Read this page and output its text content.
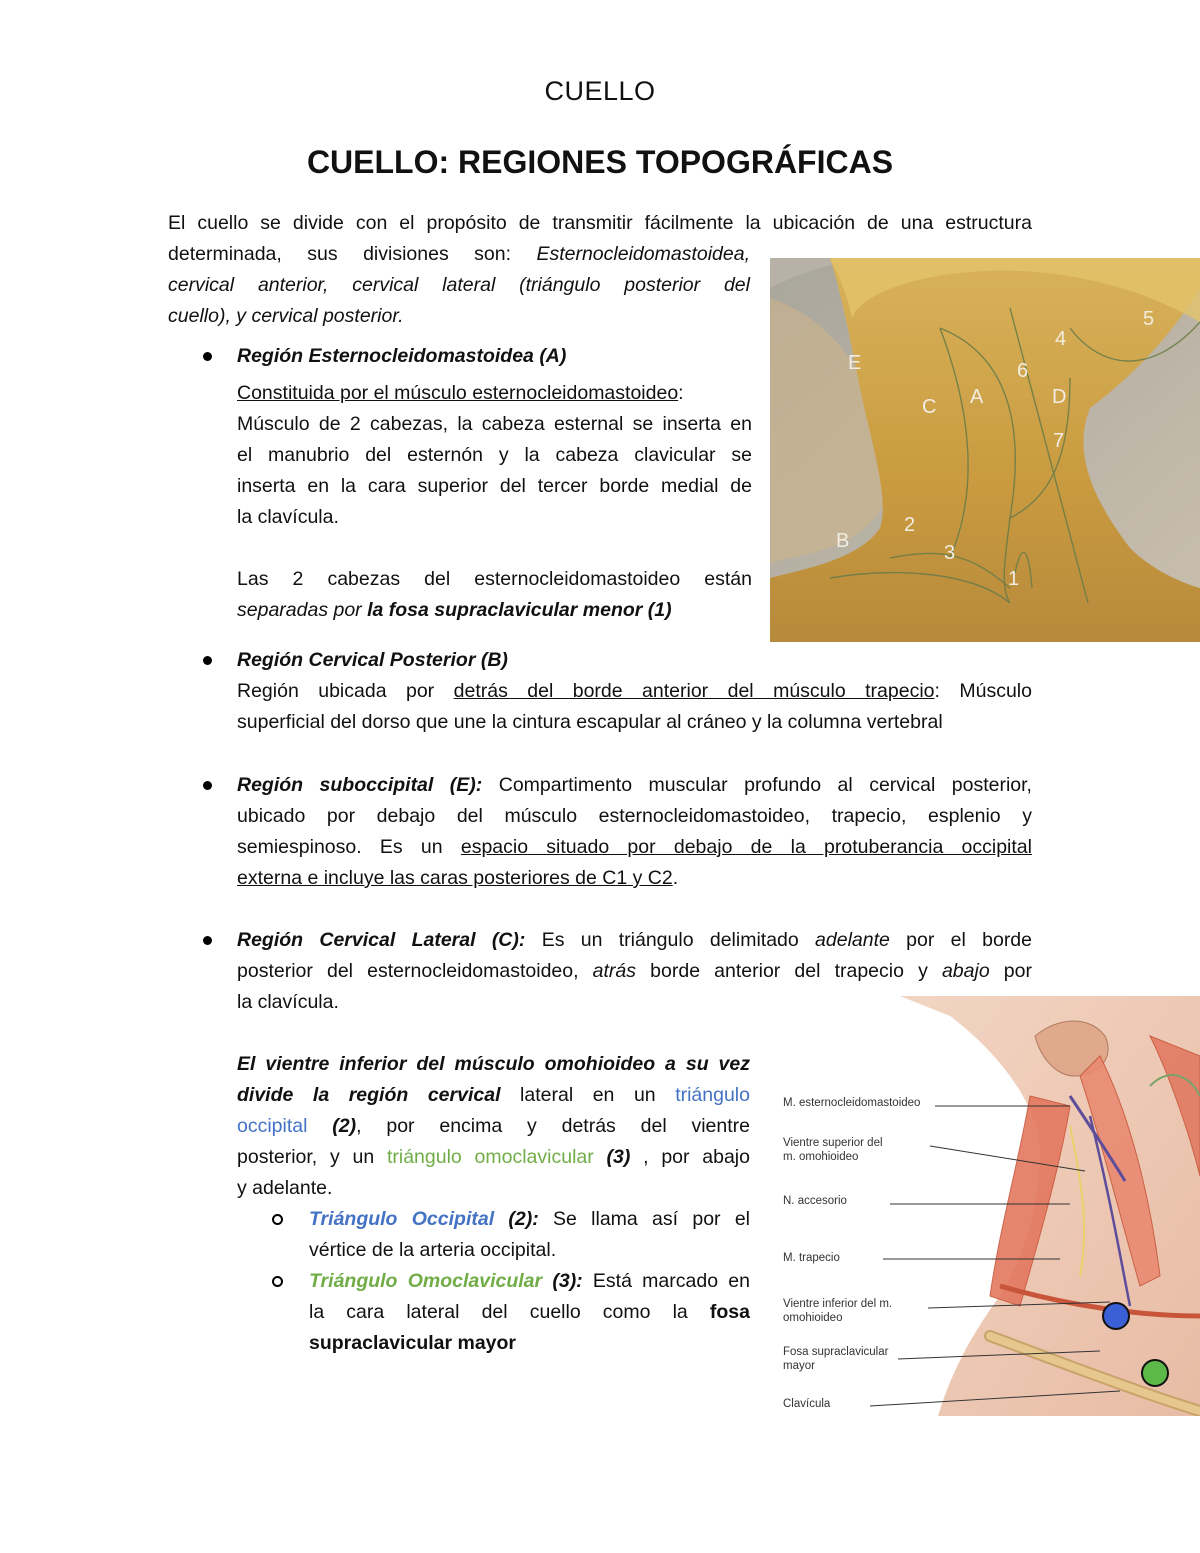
CUELLO
CUELLO: REGIONES TOPOGRÁFICAS
El cuello se divide con el propósito de transmitir fácilmente la ubicación de una estructura
determinada, sus divisiones son: Esternocleidomastoidea,
cervical anterior, cervical lateral (triángulo posterior del
cuello), y cervical posterior.
Región Esternocleidomastoidea (A)
Constituida por el músculo esternocleidomastoideo:
Músculo de 2 cabezas, la cabeza esternal se inserta en
el manubrio del esternón y la cabeza clavicular se
inserta en la cara superior del tercer borde medial de
la clavícula.
Las 2 cabezas del esternocleidomastoideo están
separadas por la fosa supraclavicular menor (1)
Región Cervical Posterior (B)
Región ubicada por detrás del borde anterior del músculo trapecio: Músculo
superficial del dorso que une la cintura escapular al cráneo y la columna vertebral
Región suboccipital (E): Compartimento muscular profundo al cervical posterior,
ubicado por debajo del músculo esternocleidomastoideo, trapecio, esplenio y
semiespinoso. Es un espacio situado por debajo de la protuberancia occipital
externa e incluye las caras posteriores de C1 y C2.
Región Cervical Lateral (C): Es un triángulo delimitado adelante por el borde
posterior del esternocleidomastoideo, atrás borde anterior del trapecio y abajo por
la clavícula.
El vientre inferior del músculo omohioideo a su vez
divide la región cervical lateral en un triángulo
occipital (2), por encima y detrás del vientre
posterior, y un triángulo omoclavicular (3) , por abajo
y adelante.
Triángulo Occipital (2): Se llama así por el
vértice de la arteria occipital.
Triángulo Omoclavicular (3): Está marcado en
la cara lateral del cuello como la fosa
supraclavicular mayor
5
4
E	6
C A	D
7
2
B
3
1
M. esternocleidomastoideo
Vientre superior del
m. omohioideo
N. accesorio
M. trapecio
Vientre inferior del m.
omohioideo
Fosa supraclavicular
mayor
Clavícula
